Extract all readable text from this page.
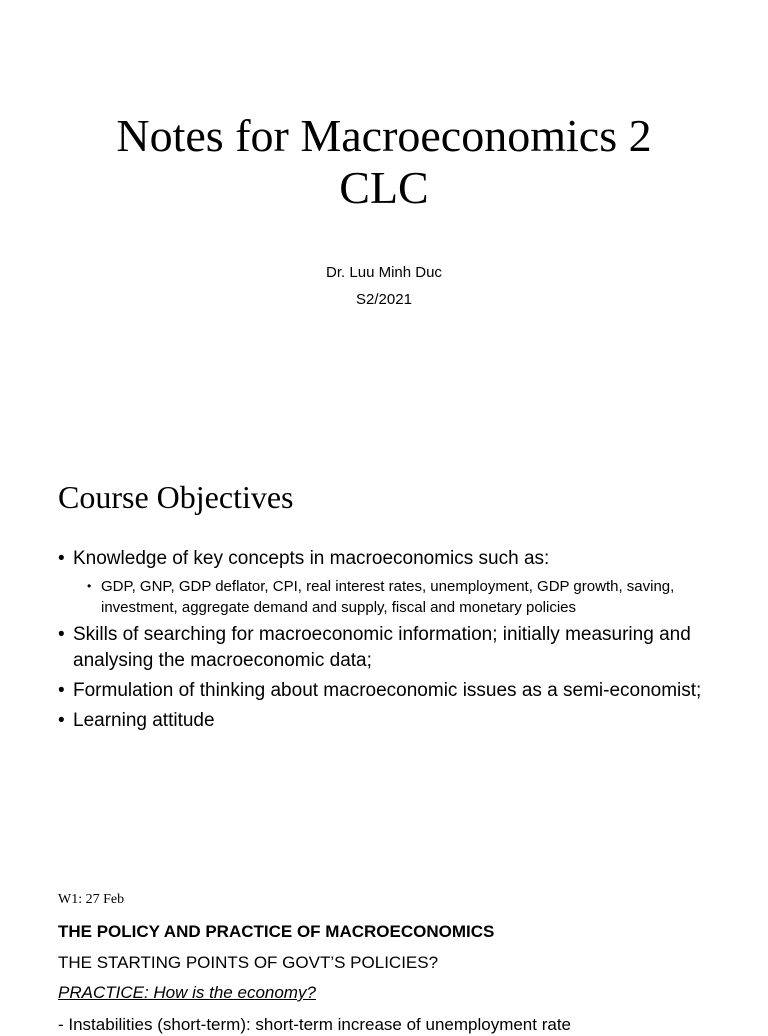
Notes for Macroeconomics 2
CLC
Dr. Luu Minh Duc
S2/2021
Course Objectives
• Knowledge of key concepts in macroeconomics such as:
• GDP, GNP, GDP deflator, CPI, real interest rates, unemployment, GDP growth, saving, investment, aggregate demand and supply, fiscal and monetary policies
• Skills of searching for macroeconomic information; initially measuring and analysing the macroeconomic data;
• Formulation of thinking about macroeconomic issues as a semi-economist;
• Learning attitude
W1: 27 Feb
THE POLICY AND PRACTICE OF MACROECONOMICS
THE STARTING POINTS OF GOVT’S POLICIES?
PRACTICE: How is the economy?
- Instabilities (short-term): short-term increase of unemployment rate
